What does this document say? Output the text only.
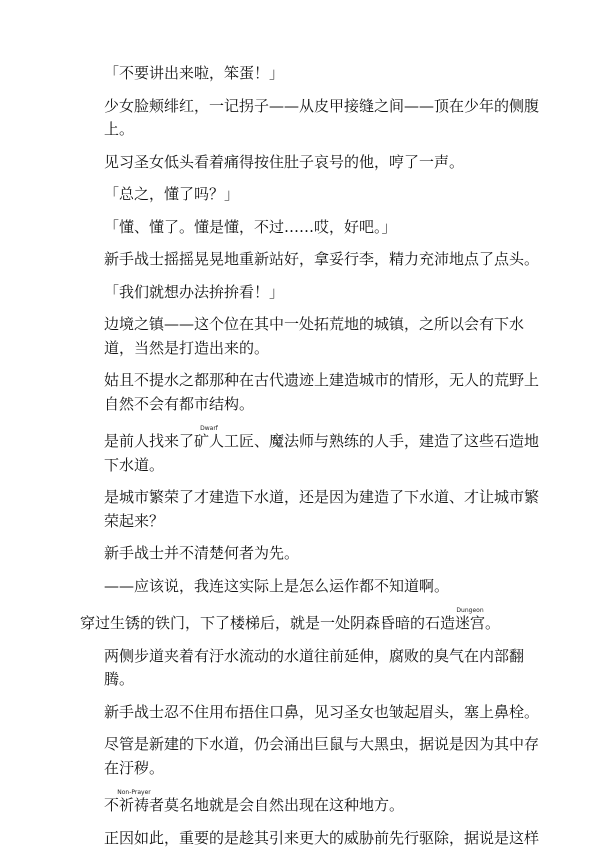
「不要讲出来啦，笨蛋！」

少女脸颊绯红，一记拐子——从皮甲接缝之间——顶在少年的侧腹上。

见习圣女低头看着痛得按住肚子哀号的他，哼了一声。

「总之，懂了吗？」

「懂、懂了。懂是懂，不过……哎，好吧。」

新手战士摇摇晃晃地重新站好，拿妥行李，精力充沛地点了点头。

「我们就想办法拚拚看！」

边境之镇——这个位在其中一处拓荒地的城镇，之所以会有下水道，当然是打造出来的。

姑且不提水之都那种在古代遗迹上建造城市的情形，无人的荒野上自然不会有都市结构。

是前人找来了矿人Dwarf工匠、魔法师与熟练的人手，建造了这些石造地下水道。

是城市繁荣了才建造下水道，还是因为建造了下水道、才让城市繁荣起来？

新手战士并不清楚何者为先。

——应该说，我连这实际上是怎么运作都不知道啊。

穿过生锈的铁门，下了楼梯后，就是一处阴森昏暗的石造迷宫Dungeon。

两侧步道夹着有汙水流动的水道往前延伸，腐败的臭气在内部翻腾。

新手战士忍不住用布捂住口鼻，见习圣女也皱起眉头，塞上鼻栓。

尽管是新建的下水道，仍会涌出巨鼠与大黑虫，据说是因为其中存在汙秽。

不祈祷者Non-Prayer莫名地就是会自然出现在这种地方。

正因如此，重要的是趁其引来更大的威胁前先行驱除，据说是这样
